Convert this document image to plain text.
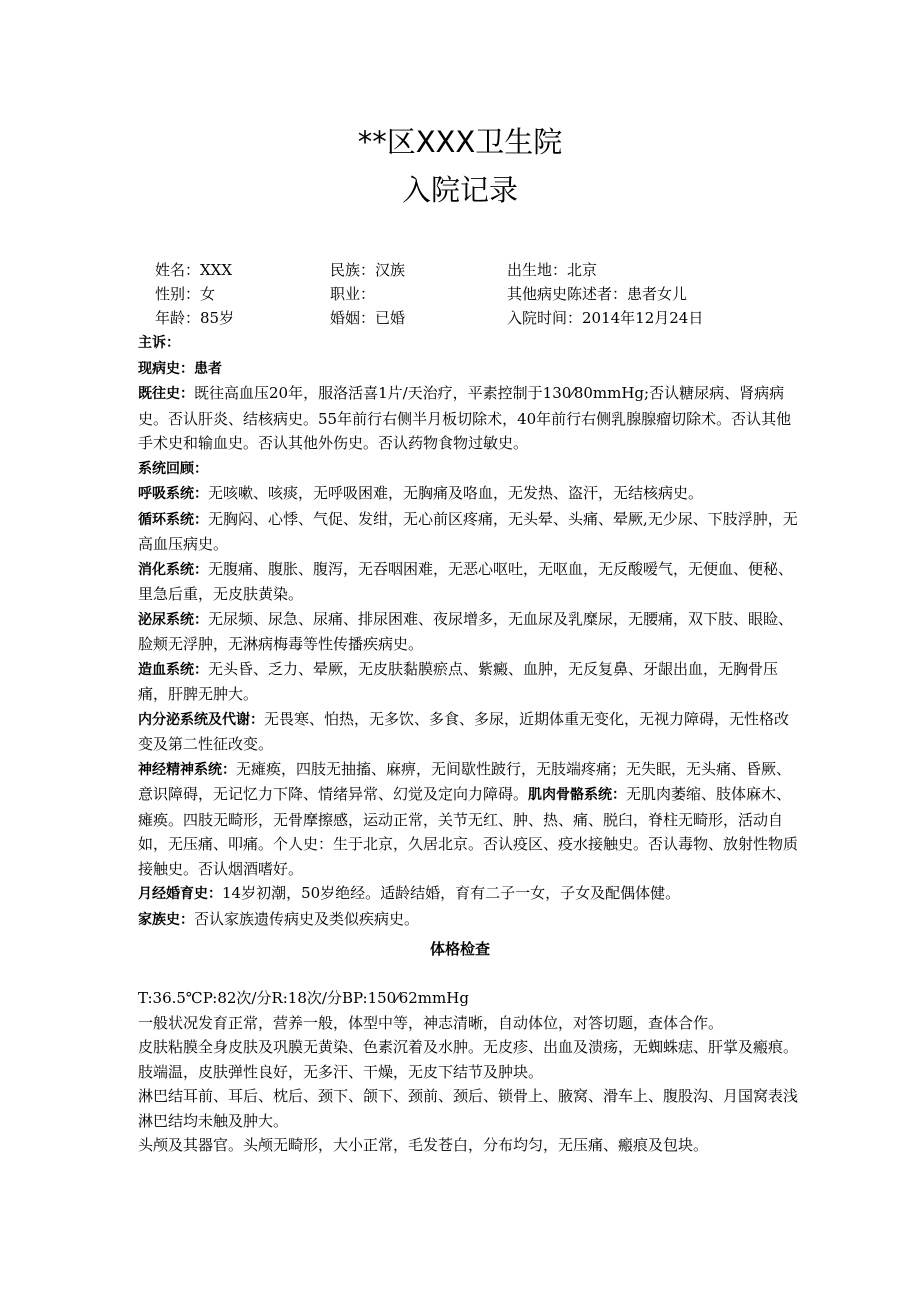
**区XXX卫生院
入院记录
姓名：XXX	民族：汉族	出生地：北京
性别：女	职业：	其他病史陈述者：患者女儿
年龄：85岁	婚姻：已婚	入院时间：2014年12月24日

主诉：

现病史：患者

既往史：既往高血压20年，服洛活喜1片/天治疗，平素控制于130⁄80mmHg;否认糖尿病、肾病病史。否认肝炎、结核病史。55年前行右侧半月板切除术，40年前行右侧乳腺腺瘤切除术。否认其他手术史和输血史。否认其他外伤史。否认药物食物过敏史。

系统回顾：

呼吸系统：无咳嗽、咳痰，无呼吸困难，无胸痛及咯血，无发热、盗汗，无结核病史。

循环系统：无胸闷、心悸、气促、发绀，无心前区疼痛，无头晕、头痛、晕厥,无少尿、下肢浮肿，无高血压病史。

消化系统：无腹痛、腹胀、腹泻，无吞咽困难，无恶心呕吐，无呕血，无反酸嗳气，无便血、便秘、里急后重，无皮肤黄染。

泌尿系统：无尿频、尿急、尿痛、排尿困难、夜尿增多，无血尿及乳糜尿，无腰痛，双下肢、眼睑、脸颊无浮肿，无淋病梅毒等性传播疾病史。

造血系统：无头昏、乏力、晕厥，无皮肤黏膜瘀点、紫癜、血肿，无反复鼻、牙龈出血，无胸骨压痛，肝脾无肿大。

内分泌系统及代谢：无畏寒、怕热，无多饮、多食、多尿，近期体重无变化，无视力障碍，无性格改变及第二性征改变。

神经精神系统：无瘫痪，四肢无抽搐、麻痹，无间歇性跛行，无肢端疼痛；无失眠，无头痛、昏厥、意识障碍，无记忆力下降、情绪异常、幻觉及定向力障碍。肌肉骨骼系统：无肌肉萎缩、肢体麻木、瘫痪。四肢无畸形，无骨摩擦感，运动正常，关节无红、肿、热、痛、脱臼，脊柱无畸形，活动自如，无压痛、叩痛。个人史：生于北京，久居北京。否认疫区、疫水接触史。否认毒物、放射性物质接触史。否认烟酒嗜好。

月经婚育史：14岁初潮，50岁绝经。适龄结婚，育有二子一女，子女及配偶体健。

家族史：否认家族遗传病史及类似疾病史。

体格检查

T:36.5℃P:82次/分R:18次/分BP:150⁄62mmHg

一般状况发育正常，营养一般，体型中等，神志清晰，自动体位，对答切题，查体合作。

皮肤粘膜全身皮肤及巩膜无黄染、色素沉着及水肿。无皮疹、出血及溃疡，无蜘蛛痣、肝掌及瘢痕。肢端温，皮肤弹性良好，无多汗、干燥，无皮下结节及肿块。

淋巴结耳前、耳后、枕后、颈下、颌下、颈前、颈后、锁骨上、腋窝、滑车上、腹股沟、月国窝表浅淋巴结均未触及肿大。

头颅及其器官。头颅无畸形，大小正常，毛发苍白，分布均匀，无压痛、瘢痕及包块。
